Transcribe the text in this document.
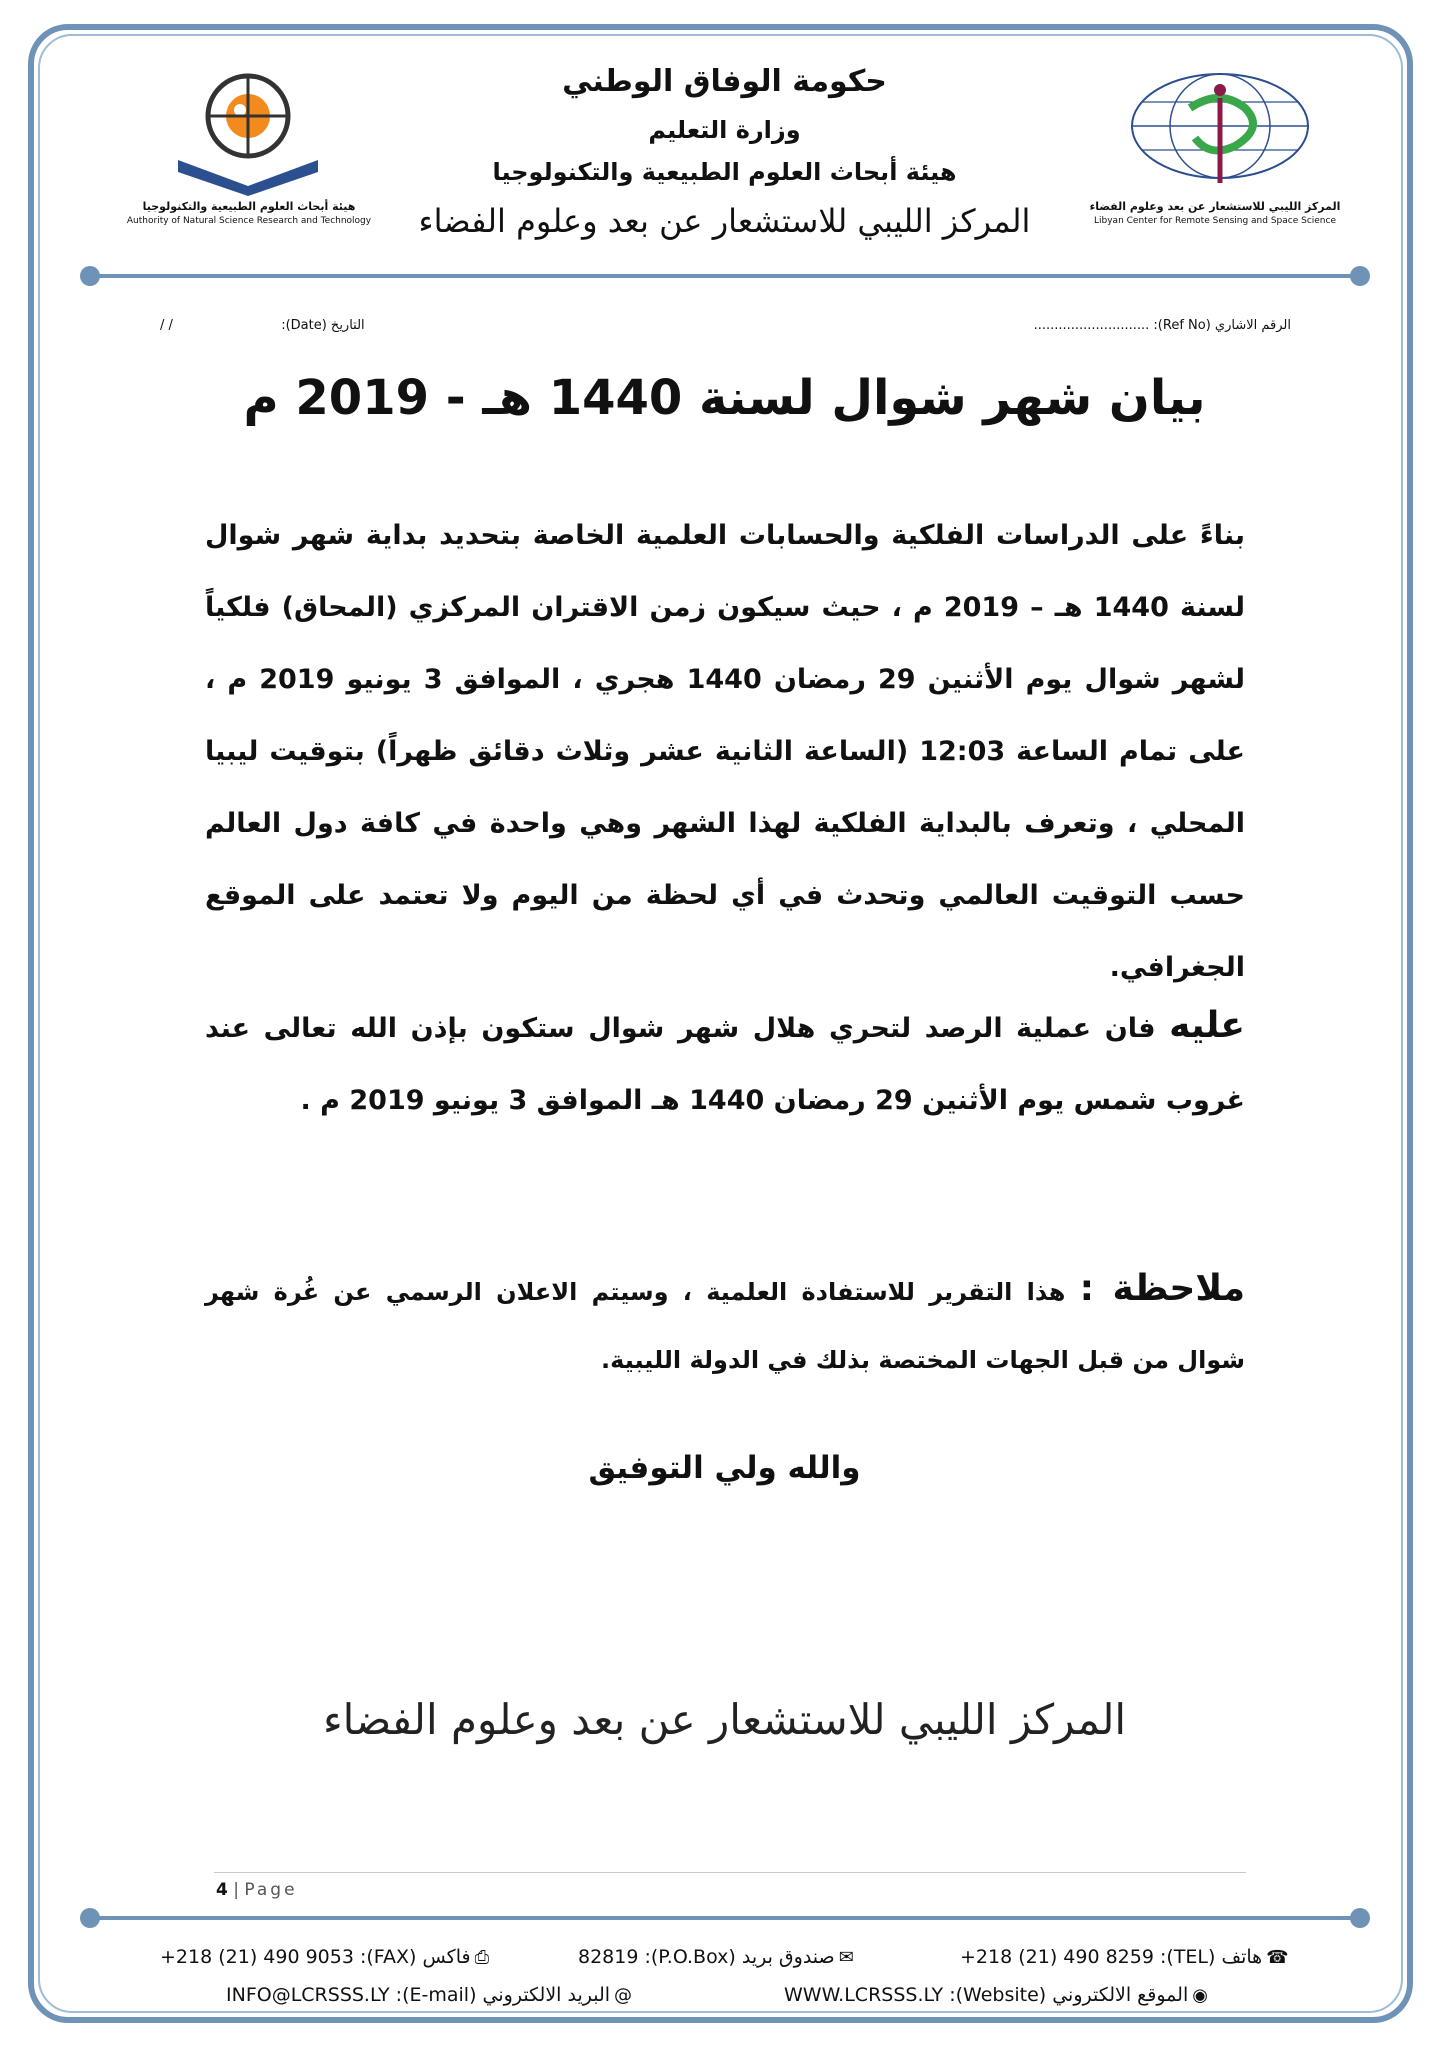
هيئة أبحاث العلوم الطبيعية والتكنولوجيا
Authority of Natural Science Research and Technology
المركز الليبي للاستشعار عن بعد وعلوم الفضاء
Libyan Center for Remote Sensing and Space Science
حكومة الوفاق الوطني
وزارة التعليم
هيئة أبحاث العلوم الطبيعية والتكنولوجيا
المركز الليبي للاستشعار عن بعد وعلوم الفضاء
الرقم الاشاري (Ref No): ............................
التاريخ (Date):  / /
بيان شهر شوال لسنة 1440 هـ - 2019 م
بناءً على الدراسات الفلكية والحسابات العلمية الخاصة بتحديد بداية شهر شوال لسنة 1440 هـ – 2019 م ، حيث سيكون زمن الاقتران المركزي (المحاق) فلكياً لشهر شوال يوم الأثنين 29 رمضان 1440 هجري ، الموافق 3 يونيو 2019 م ، على تمام الساعة 12:03 (الساعة الثانية عشر وثلاث دقائق ظهراً) بتوقيت ليبيا المحلي ، وتعرف بالبداية الفلكية لهذا الشهر وهي واحدة في كافة دول العالم حسب التوقيت العالمي وتحدث في أي لحظة من اليوم ولا تعتمد على الموقع الجغرافي.
عليه فان عملية الرصد لتحري هلال شهر شوال ستكون بإذن الله تعالى عند غروب شمس يوم الأثنين 29 رمضان 1440 هـ الموافق 3 يونيو 2019 م .
ملاحظة : هذا التقرير للاستفادة العلمية ، وسيتم الاعلان الرسمي عن غُرة شهر شوال من قبل الجهات المختصة بذلك في الدولة الليبية.
والله ولي التوفيق
المركز الليبي للاستشعار عن بعد وعلوم الفضاء
4 | Page
+218 (21) 490 8259 :(TEL) هاتف ☎
82819 :(P.O.Box) صندوق بريد ✉
+218 (21) 490 9053 :(FAX) فاكس ⎙
WWW.LCRSSS.LY :(Website) الموقع الالكتروني ◉
INFO@LCRSSS.LY :(E-mail) البريد الالكتروني @
